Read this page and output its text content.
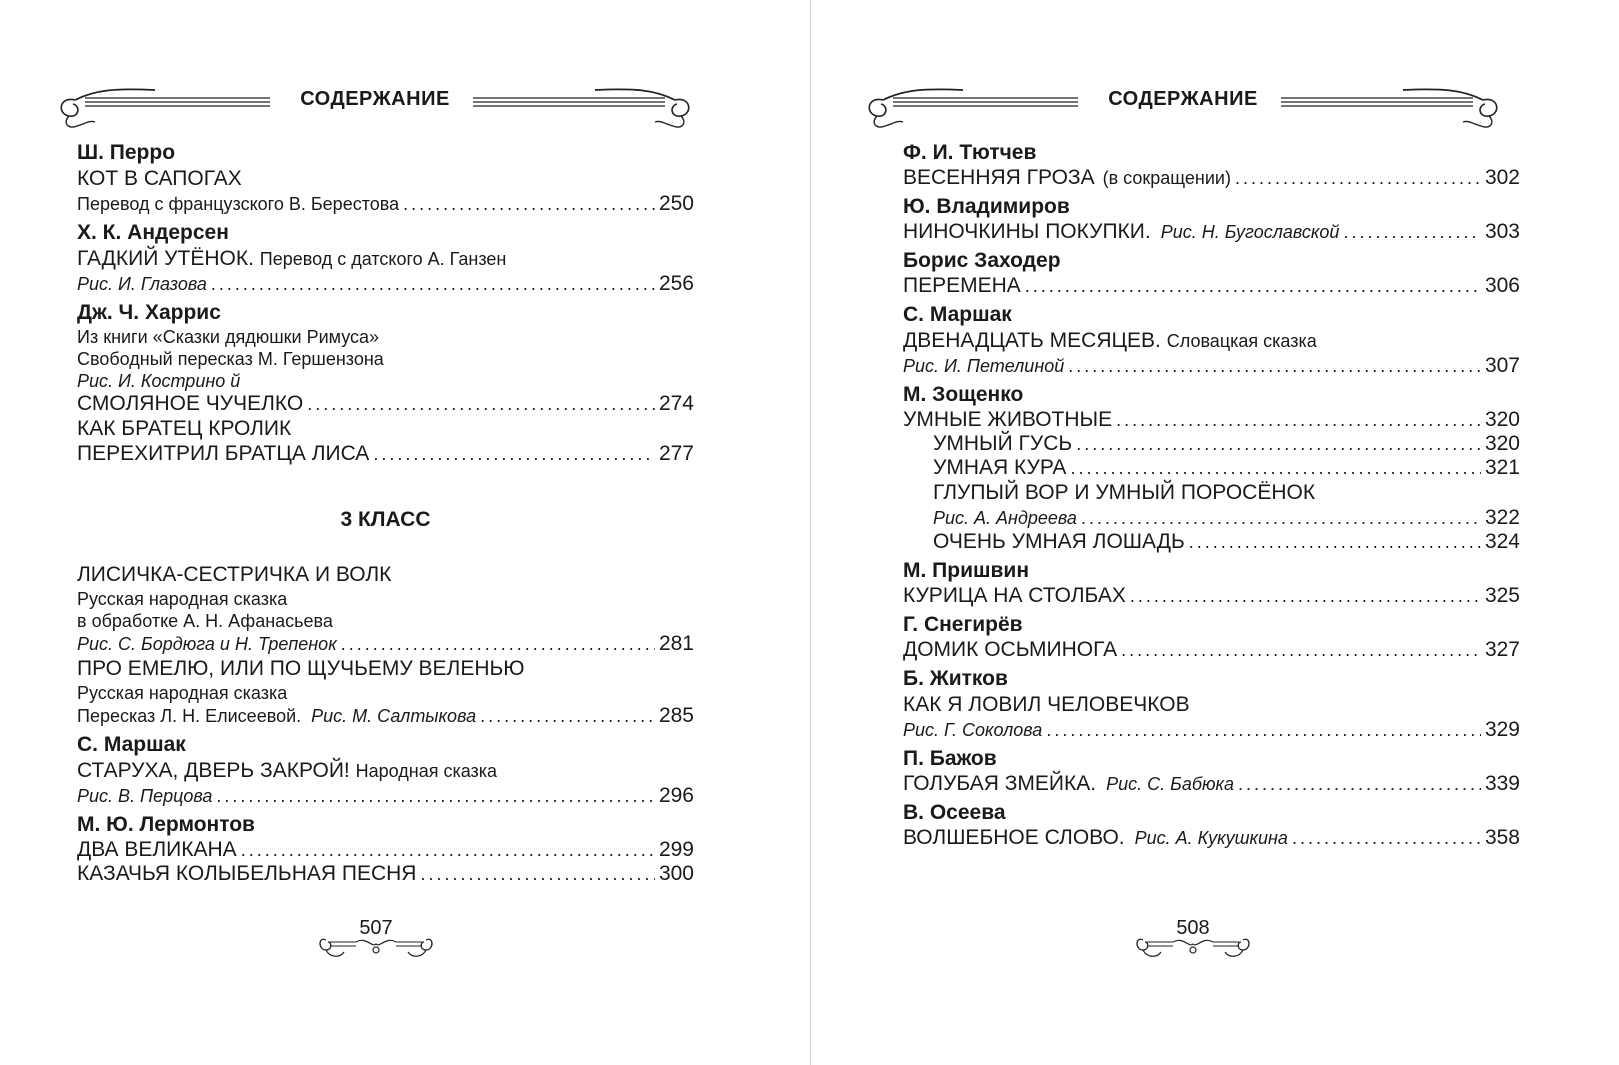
СОДЕРЖАНИЕ
Ш. Перро
КОТ В САПОГАХ
Перевод с французского В. Берестова .....	250
Х. К. Андерсен
ГАДКИЙ УТЁНОК. Перевод с датского А. Ганзен
Рис. И. Глазова .....	256
Дж. Ч. Харрис
Из книги «Сказки дядюшки Римуса»
Свободный пересказ М. Гершензона
Рис. И. Кострино й
СМОЛЯНОЕ ЧУЧЕЛКО .....	274
КАК БРАТЕЦ КРОЛИК
ПЕРЕХИТРИЛ БРАТЦА ЛИСА .....	277
3 КЛАСС
ЛИСИЧКА-СЕСТРИЧКА И ВОЛК
Русская народная сказка
в обработке А. Н. Афанасьева
Рис. С. Бордюга и Н. Трепенок .....	281
ПРО ЕМЕЛЮ, ИЛИ ПО ЩУЧЬЕМУ ВЕЛЕНЬЮ
Русская народная сказка
Пересказ Л. Н. Елисеевой. Рис. М. Салтыкова .....	285
С. Маршак
СТАРУХА, ДВЕРЬ ЗАКРОЙ! Народная сказка
Рис. В. Перцова .....	296
М. Ю. Лермонтов
ДВА ВЕЛИКАНА .....	299
КАЗАЧЬЯ КОЛЫБЕЛЬНАЯ ПЕСНЯ .....	300
507
СОДЕРЖАНИЕ
Ф. И. Тютчев
ВЕСЕННЯЯ ГРОЗА (в сокращении) .....	302
Ю. Владимиров
НИНОЧКИНЫ ПОКУПКИ. Рис. Н. Бугославской .....	303
Борис Заходер
ПЕРЕМЕНА .....	306
С. Маршак
ДВЕНАДЦАТЬ МЕСЯЦЕВ. Словацкая сказка
Рис. И. Петелиной .....	307
М. Зощенко
УМНЫЕ ЖИВОТНЫЕ .....	320
УМНЫЙ ГУСЬ .....	320
УМНАЯ КУРА .....	321
ГЛУПЫЙ ВОР И УМНЫЙ ПОРОСЁНОК
Рис. А. Андреева .....	322
ОЧЕНЬ УМНАЯ ЛОШАДЬ .....	324
М. Пришвин
КУРИЦА НА СТОЛБАХ .....	325
Г. Снегирёв
ДОМИК ОСЬМИНОГА .....	327
Б. Житков
КАК Я ЛОВИЛ ЧЕЛОВЕЧКОВ
Рис. Г. Соколова .....	329
П. Бажов
ГОЛУБАЯ ЗМЕЙКА. Рис. С. Бабюка .....	339
В. Осеева
ВОЛШЕБНОЕ СЛОВО. Рис. А. Кукушкина .....	358
508
